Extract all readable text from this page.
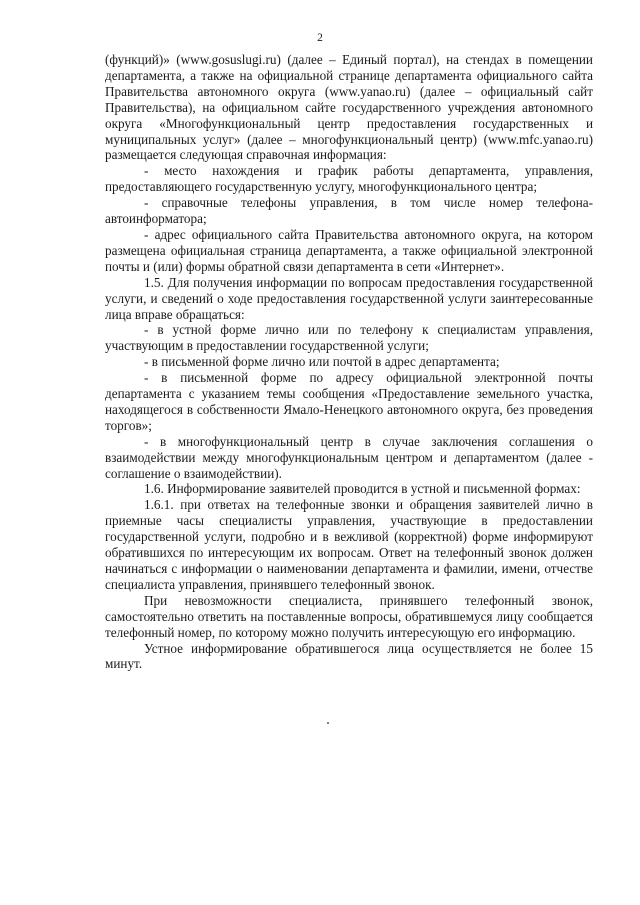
2

(функций)» (www.gosuslugi.ru) (далее – Единый портал), на стендах в помещении департамента, а также на официальной странице департамента официального сайта Правительства автономного округа (www.yanao.ru) (далее – официальный сайт Правительства), на официальном сайте государственного учреждения автономного округа «Многофункциональный центр предоставления государственных и муниципальных услуг» (далее – многофункциональный центр) (www.mfc.yanao.ru) размещается следующая справочная информация:

- место нахождения и график работы департамента, управления, предоставляющего государственную услугу, многофункционального центра;

- справочные телефоны управления, в том числе номер телефона-автоинформатора;

- адрес официального сайта Правительства автономного округа, на котором размещена официальная страница департамента, а также официальной электронной почты и (или) формы обратной связи департамента в сети «Интернет».

1.5. Для получения информации по вопросам предоставления государственной услуги, и сведений о ходе предоставления государственной услуги заинтересованные лица вправе обращаться:

- в устной форме лично или по телефону к специалистам управления, участвующим в предоставлении государственной услуги;

- в письменной форме лично или почтой в адрес департамента;

- в письменной форме по адресу официальной электронной почты департамента с указанием темы сообщения «Предоставление земельного участка, находящегося в собственности Ямало-Ненецкого автономного округа, без проведения торгов»;

- в многофункциональный центр в случае заключения соглашения о взаимодействии между многофункциональным центром и департаментом (далее - соглашение о взаимодействии).

1.6. Информирование заявителей проводится в устной и письменной формах:

1.6.1. при ответах на телефонные звонки и обращения заявителей лично в приемные часы специалисты управления, участвующие в предоставлении государственной услуги, подробно и в вежливой (корректной) форме информируют обратившихся по интересующим их вопросам. Ответ на телефонный звонок должен начинаться с информации о наименовании департамента и фамилии, имени, отчестве специалиста управления, принявшего телефонный звонок.

При невозможности специалиста, принявшего телефонный звонок, самостоятельно ответить на поставленные вопросы, обратившемуся лицу сообщается телефонный номер, по которому можно получить интересующую его информацию.

Устное информирование обратившегося лица осуществляется не более 15 минут.
